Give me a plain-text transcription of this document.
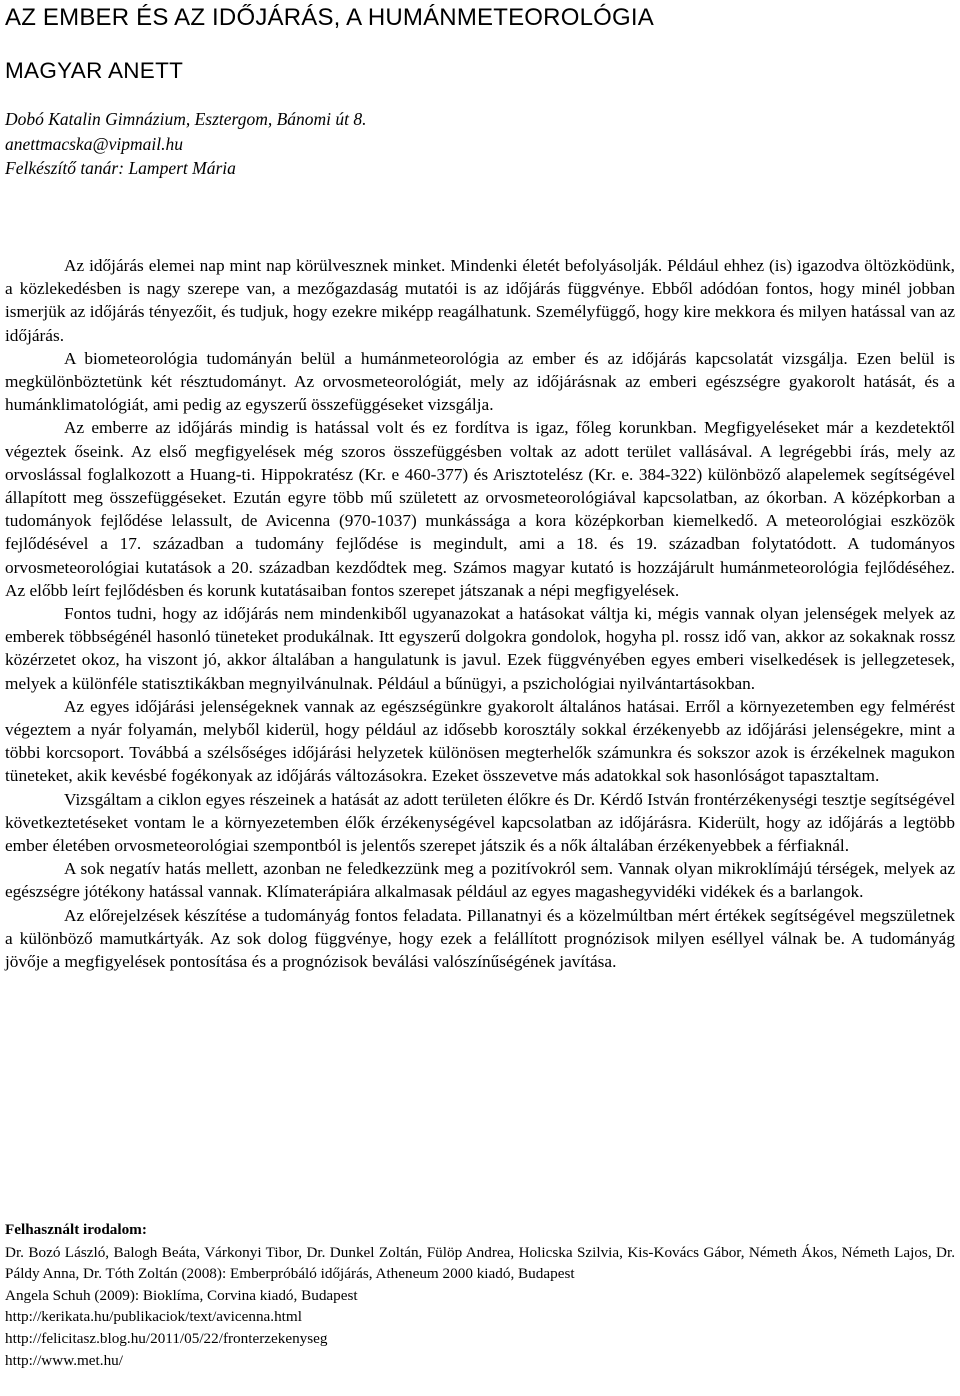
AZ EMBER ÉS AZ IDŐJÁRÁS, A HUMÁNMETEOROLÓGIA
MAGYAR ANETT
Dobó Katalin Gimnázium, Esztergom, Bánomi út 8.
anettmacska@vipmail.hu
Felkészítő tanár: Lampert Mária

Az időjárás elemei nap mint nap körülvesznek minket. Mindenki életét befolyásolják. Például ehhez (is) igazodva öltözködünk, a közlekedésben is nagy szerepe van, a mezőgazdaság mutatói is az időjárás függvénye. Ebből adódóan fontos, hogy minél jobban ismerjük az időjárás tényezőit, és tudjuk, hogy ezekre miképp reagálhatunk. Személyfüggő, hogy kire mekkora és milyen hatással van az időjárás.

A biometeorológia tudományán belül a humánmeteorológia az ember és az időjárás kapcsolatát vizsgálja. Ezen belül is megkülönböztetünk két résztudományt. Az orvosmeteorológiát, mely az időjárásnak az emberi egészségre gyakorolt hatását, és a humánklimatológiát, ami pedig az egyszerű összefüggéseket vizsgálja.

Az emberre az időjárás mindig is hatással volt és ez fordítva is igaz, főleg korunkban. Megfigyeléseket már a kezdetektől végeztek őseink. Az első megfigyelések még szoros összefüggésben voltak az adott terület vallásával. A legrégebbi írás, mely az orvoslással foglalkozott a Huang-ti. Hippokratész (Kr. e 460-377) és Arisztotelész (Kr. e. 384-322) különböző alapelemek segítségével állapított meg összefüggéseket. Ezután egyre több mű született az orvosmeteorológiával kapcsolatban, az ókorban. A középkorban a tudományok fejlődése lelassult, de Avicenna (970-1037) munkássága a kora középkorban kiemelkedő. A meteorológiai eszközök fejlődésével a 17. században a tudomány fejlődése is megindult, ami a 18. és 19. században folytatódott. A tudományos orvosmeteorológiai kutatások a 20. században kezdődtek meg. Számos magyar kutató is hozzájárult humánmeteorológia fejlődéséhez. Az előbb leírt fejlődésben és korunk kutatásaiban fontos szerepet játszanak a népi megfigyelések.

Fontos tudni, hogy az időjárás nem mindenkiből ugyanazokat a hatásokat váltja ki, mégis vannak olyan jelenségek melyek az emberek többségénél hasonló tüneteket produkálnak. Itt egyszerű dolgokra gondolok, hogyha pl. rossz idő van, akkor az sokaknak rossz közérzetet okoz, ha viszont jó, akkor általában a hangulatunk is javul. Ezek függvényében egyes emberi viselkedések is jellegzetesek, melyek a különféle statisztikákban megnyilvánulnak. Például a bűnügyi, a pszichológiai nyilvántartásokban.

Az egyes időjárási jelenségeknek vannak az egészségünkre gyakorolt általános hatásai. Erről a környezetemben egy felmérést végeztem a nyár folyamán, melyből kiderül, hogy például az idősebb korosztály sokkal érzékenyebb az időjárási jelenségekre, mint a többi korcsoport. Továbbá a szélsőséges időjárási helyzetek különösen megterhelők számunkra és sokszor azok is érzékelnek magukon tüneteket, akik kevésbé fogékonyak az időjárás változásokra. Ezeket összevetve más adatokkal sok hasonlóságot tapasztaltam.

Vizsgáltam a ciklon egyes részeinek a hatását az adott területen élőkre és Dr. Kérdő István frontérzékenységi tesztje segítségével következtetéseket vontam le a környezetemben élők érzékenységével kapcsolatban az időjárásra. Kiderült, hogy az időjárás a legtöbb ember életében orvosmeteorológiai szempontból is jelentős szerepet játszik és a nők általában érzékenyebbek a férfiaknál.

A sok negatív hatás mellett, azonban ne feledkezzünk meg a pozitívokról sem. Vannak olyan mikroklímájú térségek, melyek az egészségre jótékony hatással vannak. Klímaterápiára alkalmasak például az egyes magashegyvidéki vidékek és a barlangok.

Az előrejelzések készítése a tudományág fontos feladata. Pillanatnyi és a közelmúltban mért értékek segítségével megszületnek a különböző mamutkártyák. Az sok dolog függvénye, hogy ezek a felállított prognózisok milyen eséllyel válnak be. A tudományág jövője a megfigyelések pontosítása és a prognózisok beválási valószínűségének javítása.

Felhasznált irodalom:
Dr. Bozó László, Balogh Beáta, Várkonyi Tibor, Dr. Dunkel Zoltán, Fülöp Andrea, Holicska Szilvia, Kis-Kovács Gábor, Németh Ákos, Németh Lajos, Dr. Páldy Anna, Dr. Tóth Zoltán (2008): Emberpróbáló időjárás, Atheneum 2000 kiadó, Budapest
Angela Schuh (2009): Bioklíma, Corvina kiadó, Budapest
http://kerikata.hu/publikaciok/text/avicenna.html
http://felicitasz.blog.hu/2011/05/22/fronterzekenyseg
http://www.met.hu/
